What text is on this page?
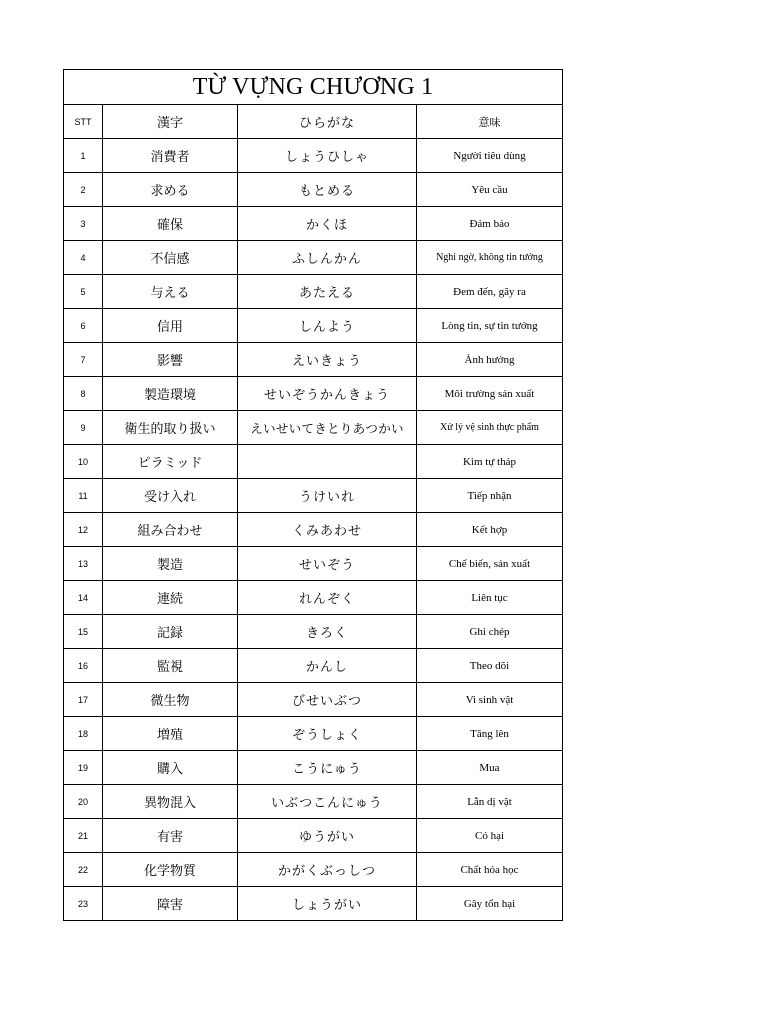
TỪ VỰNG CHƯƠNG 1			
STT	漢字	ひらがな	意味
1	消費者	しょうひしゃ	Người tiêu dùng
2	求める	もとめる	Yêu cầu
3	確保	かくほ	Đảm bảo
4	不信感	ふしんかん	Nghi ngờ, không tin tưởng
5	与える	あたえる	Đem đến, gây ra
6	信用	しんよう	Lòng tin, sự tin tưởng
7	影響	えいきょう	Ảnh hưởng
8	製造環境	せいぞうかんきょう	Môi trường sản xuất
9	衛生的取り扱い	えいせいてきとりあつかい	Xử lý vệ sinh thực phẩm
10	ピラミッド		Kim tự tháp
11	受け入れ	うけいれ	Tiếp nhận
12	組み合わせ	くみあわせ	Kết hợp
13	製造	せいぞう	Chế biến, sản xuất
14	連続	れんぞく	Liên tục
15	記録	きろく	Ghi chép
16	監視	かんし	Theo dõi
17	微生物	びせいぶつ	Vi sinh vật
18	増殖	ぞうしょく	Tăng lên
19	購入	こうにゅう	Mua
20	異物混入	いぶつこんにゅう	Lẫn dị vật
21	有害	ゆうがい	Có hại
22	化学物質	かがくぶっしつ	Chất hóa học
23	障害	しょうがい	Gây tổn hại
